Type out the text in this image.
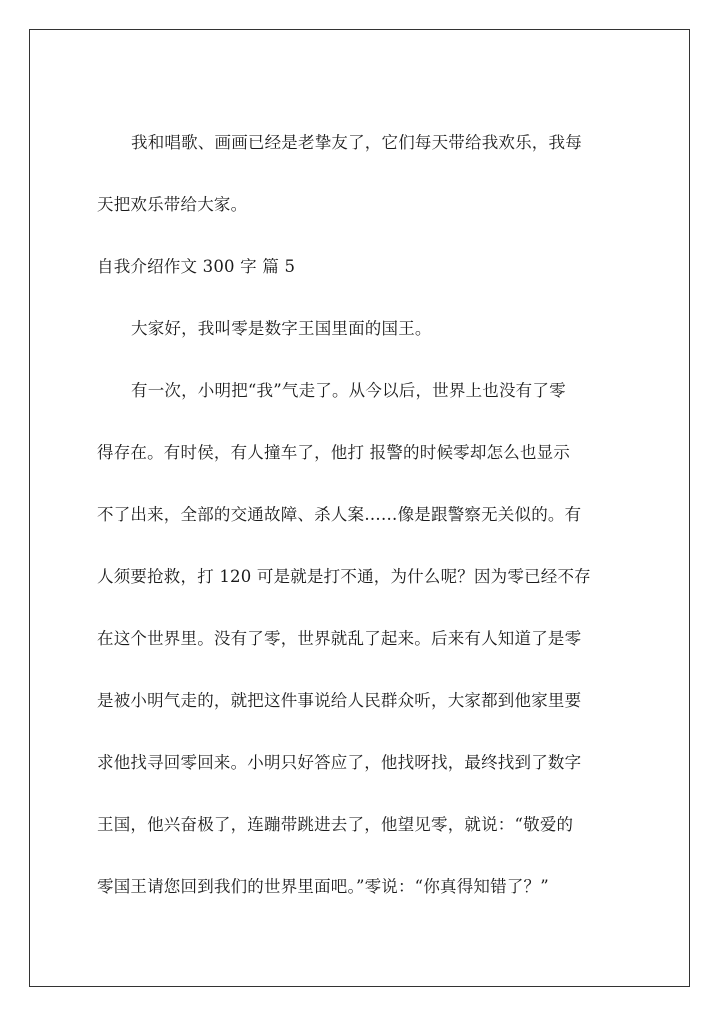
我和唱歌、画画已经是老挚友了，它们每天带给我欢乐，我每
天把欢乐带给大家。
自我介绍作文 300 字 篇 5
大家好，我叫零是数字王国里面的国王。
有一次，小明把“我”气走了。从今以后，世界上也没有了零
得存在。有时侯，有人撞车了，他打 报警的时候零却怎么也显示
不了出来，全部的交通故障、杀人案……像是跟警察无关似的。有
人须要抢救，打 120 可是就是打不通，为什么呢？因为零已经不存
在这个世界里。没有了零，世界就乱了起来。后来有人知道了是零
是被小明气走的，就把这件事说给人民群众听，大家都到他家里要
求他找寻回零回来。小明只好答应了，他找呀找，最终找到了数字
王国，他兴奋极了，连蹦带跳进去了，他望见零，就说：“敬爱的
零国王请您回到我们的世界里面吧。”零说：“你真得知错了？”
